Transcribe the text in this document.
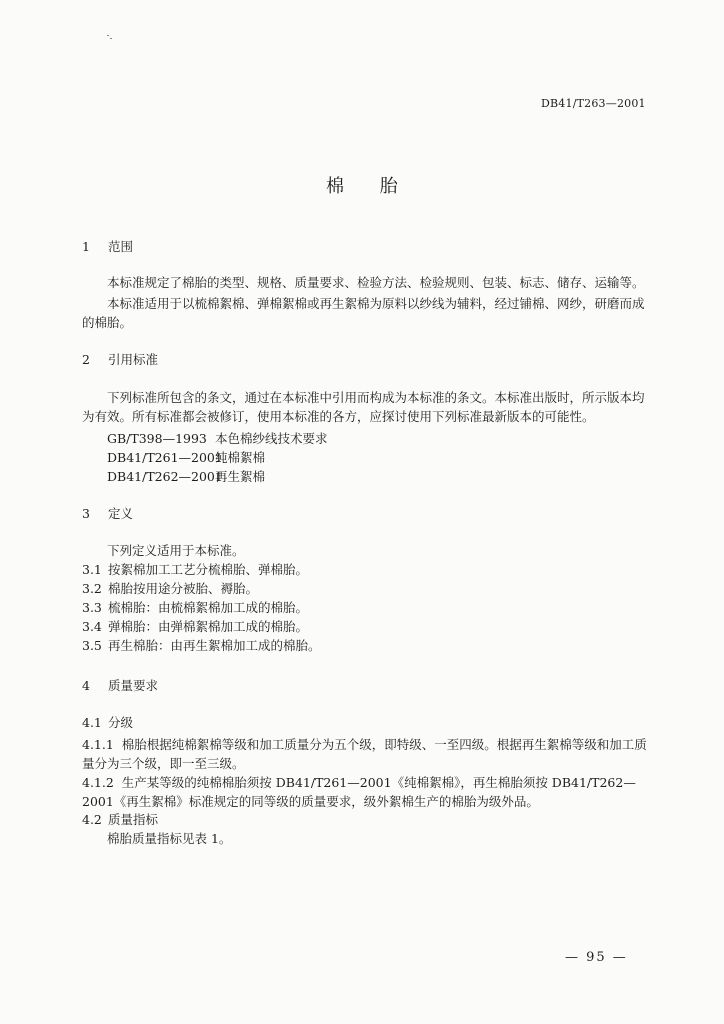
DB41/T263—2001
棉 胎
1 范围
本标准规定了棉胎的类型、规格、质量要求、检验方法、检验规则、包装、标志、储存、运输等。
本标准适用于以梳棉絮棉、弹棉絮棉或再生絮棉为原料以纱线为辅料，经过铺棉、网纱，研磨而成的棉胎。
2 引用标准
下列标准所包含的条文，通过在本标准中引用而构成为本标准的条文。本标准出版时，所示版本均为有效。所有标准都会被修订，使用本标准的各方，应探讨使用下列标准最新版本的可能性。
GB/T398—1993 本色棉纱线技术要求
DB41/T261—2001纯棉絮棉
DB41/T262—2001再生絮棉
3 定义
下列定义适用于本标准。
3.1 按絮棉加工工艺分梳棉胎、弹棉胎。
3.2 棉胎按用途分被胎、褥胎。
3.3 梳棉胎：由梳棉絮棉加工成的棉胎。
3.4 弹棉胎：由弹棉絮棉加工成的棉胎。
3.5 再生棉胎：由再生絮棉加工成的棉胎。
4 质量要求
4.1 分级
4.1.1 棉胎根据纯棉絮棉等级和加工质量分为五个级，即特级、一至四级。根据再生絮棉等级和加工质量分为三个级，即一至三级。
4.1.2 生产某等级的纯棉棉胎须按 DB41/T261—2001《纯棉絮棉》，再生棉胎须按 DB41/T262—2001《再生絮棉》标准规定的同等级的质量要求，级外絮棉生产的棉胎为级外品。
4.2 质量指标
棉胎质量指标见表 1。
— 95 —
